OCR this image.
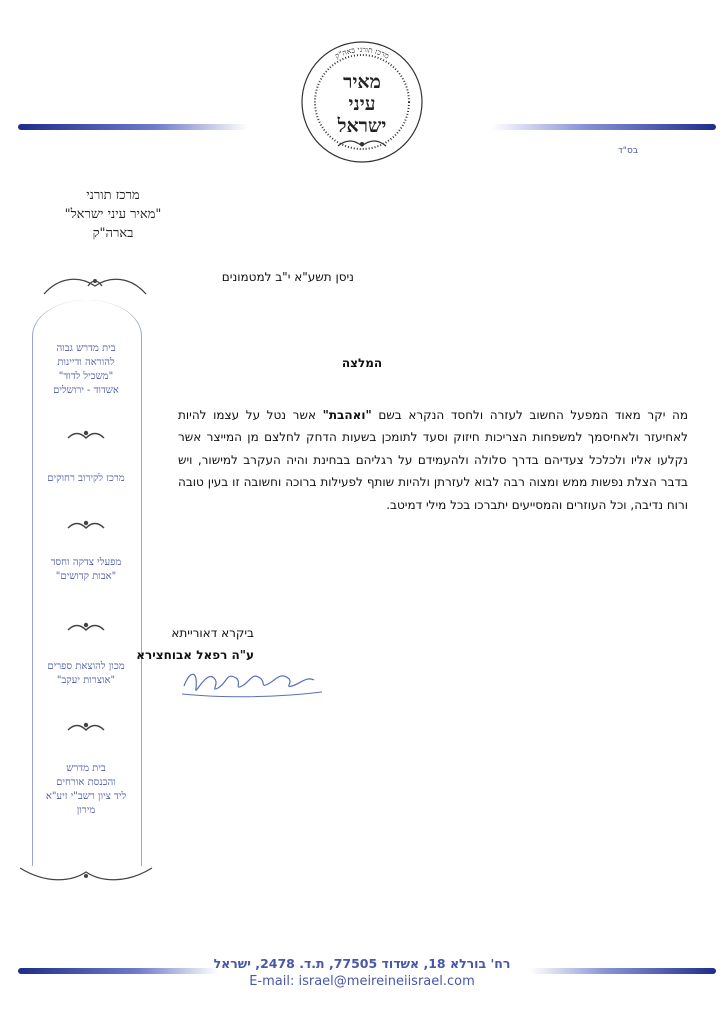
מרכז תורני באה"ק
מאיר
עיני
ישראל
בס"ד
מרכז תורני
"מאיר עיני ישראל"
בארה"ק
בית מדרש גבוה
להוראה ודיינות
"משכיל לדוד"
אשדוד - ירושלים
מרכז לקירוב רחוקים
מפעלי צדקה וחסד
"אבות קדושים"
מכון להוצאת ספרים
"אוצרות יעקב"
בית מדרש
והכנסת אורחים
ליד ציון רשב"י זיע"א
מירון
ניסן תשע"א י"ב למטמונים
המלצה
מה יקר מאוד המפעל החשוב לעזרה ולחסד הנקרא בשם "ואהבת" אשר נטל על עצמו להיות לאחיעזר ולאחיסמך למשפחות הצריכות חיזוק וסעד לתומכן בשעות הדחק לחלצם מן המייצר אשר נקלעו אליו ולכלכל צעדיהם בדרך סלולה ולהעמידם על רגליהם בבחינת והיה העקרב למישור, ויש בדבר הצלת נפשות ממש ומצוה רבה לבוא לעזרתן ולהיות שותף לפעילות ברוכה וחשובה זו בעין טובה ורוח נדיבה, וכל העוזרים והמסייעים יתברכו בכל מילי דמיטב.
ביקרא דאורייתא
ע"ה רפאל אבוחצירא
רח' בורלא 18, אשדוד 77505, ת.ד. 2478, ישראל
E-mail: israel@meireineiisrael.com
